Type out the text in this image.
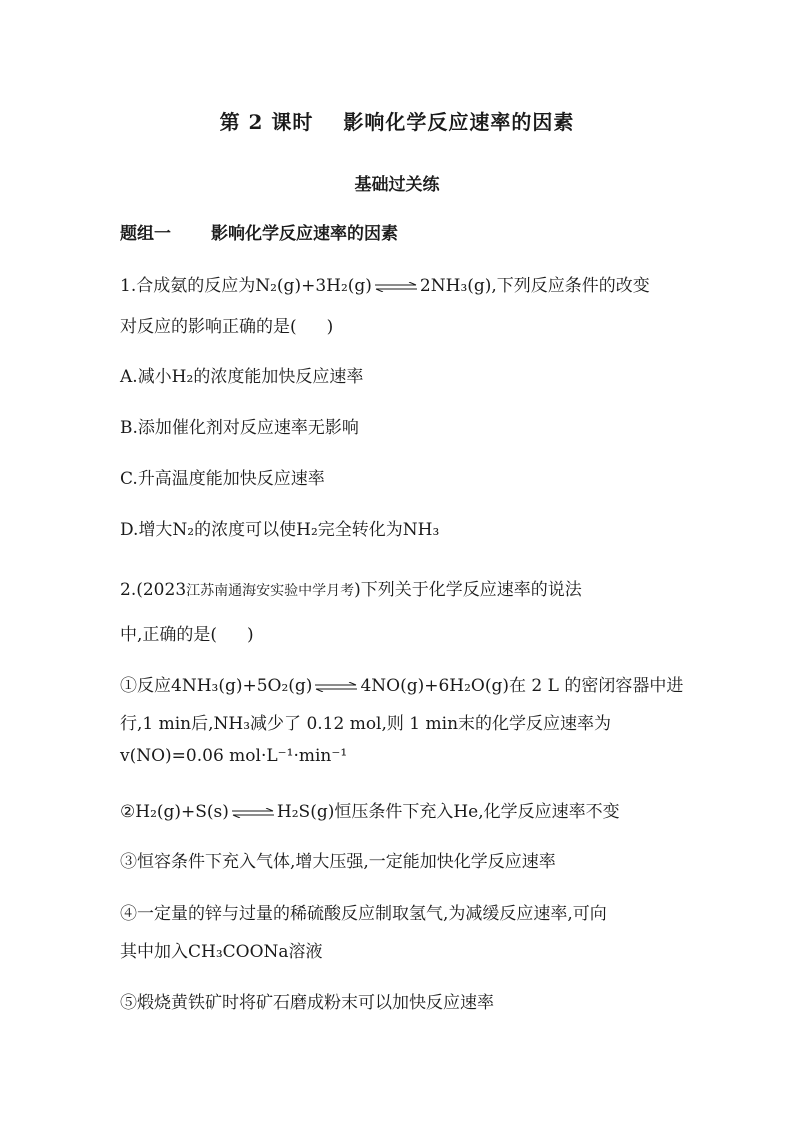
第 2 课时 影响化学反应速率的因素
基础过关练
题组一 影响化学反应速率的因素
1.合成氨的反应为N₂(g)+3H₂(g) ⇌ 2NH₃(g),下列反应条件的改变
对反应的影响正确的是( )
A.减小H₂的浓度能加快反应速率
B.添加催化剂对反应速率无影响
C.升高温度能加快反应速率
D.增大N₂的浓度可以使H₂完全转化为NH₃
2.(2023江苏南通海安实验中学月考)下列关于化学反应速率的说法
中,正确的是( )
①反应4NH₃(g)+5O₂(g) ⇌ 4NO(g)+6H₂O(g)在 2 L 的密闭容器中进
行,1 min后,NH₃减少了 0.12 mol,则 1 min末的化学反应速率为
v(NO)=0.06 mol·L⁻¹·min⁻¹
②H₂(g)+S(s) ⇌ H₂S(g)恒压条件下充入He,化学反应速率不变
③恒容条件下充入气体,增大压强,一定能加快化学反应速率
④一定量的锌与过量的稀硫酸反应制取氢气,为减缓反应速率,可向
其中加入CH₃COONa溶液
⑤煅烧黄铁矿时将矿石磨成粉末可以加快反应速率
